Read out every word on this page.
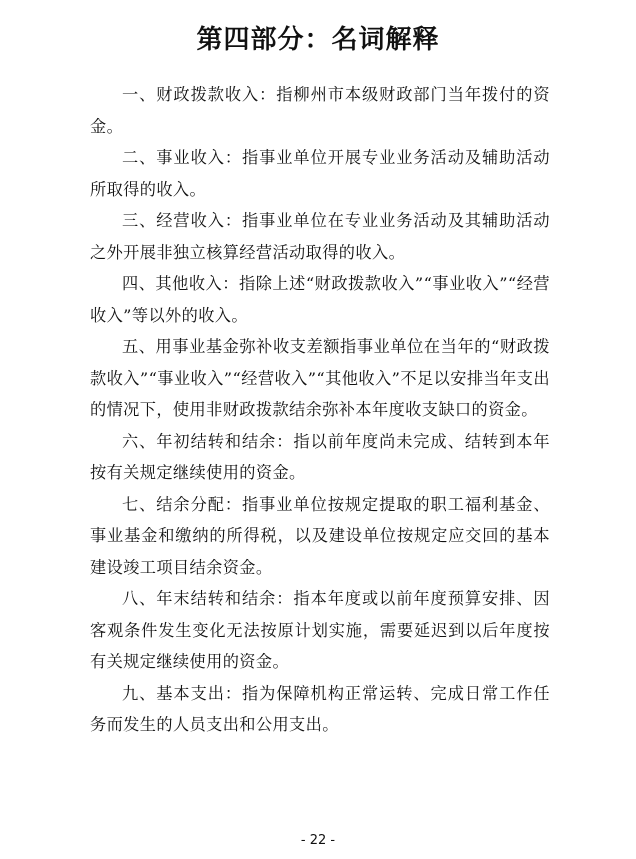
第四部分：名词解释

一、财政拨款收入：指柳州市本级财政部门当年拨付的资金。

二、事业收入：指事业单位开展专业业务活动及辅助活动所取得的收入。

三、经营收入：指事业单位在专业业务活动及其辅助活动之外开展非独立核算经营活动取得的收入。

四、其他收入：指除上述“财政拨款收入”“事业收入”“经营收入”等以外的收入。

五、用事业基金弥补收支差额指事业单位在当年的“财政拨款收入”“事业收入”“经营收入”“其他收入”不足以安排当年支出的情况下，使用非财政拨款结余弥补本年度收支缺口的资金。

六、年初结转和结余：指以前年度尚未完成、结转到本年按有关规定继续使用的资金。

七、结余分配：指事业单位按规定提取的职工福利基金、事业基金和缴纳的所得税，以及建设单位按规定应交回的基本建设竣工项目结余资金。

八、年末结转和结余：指本年度或以前年度预算安排、因客观条件发生变化无法按原计划实施，需要延迟到以后年度按有关规定继续使用的资金。

九、基本支出：指为保障机构正常运转、完成日常工作任务而发生的人员支出和公用支出。

- 22 -
